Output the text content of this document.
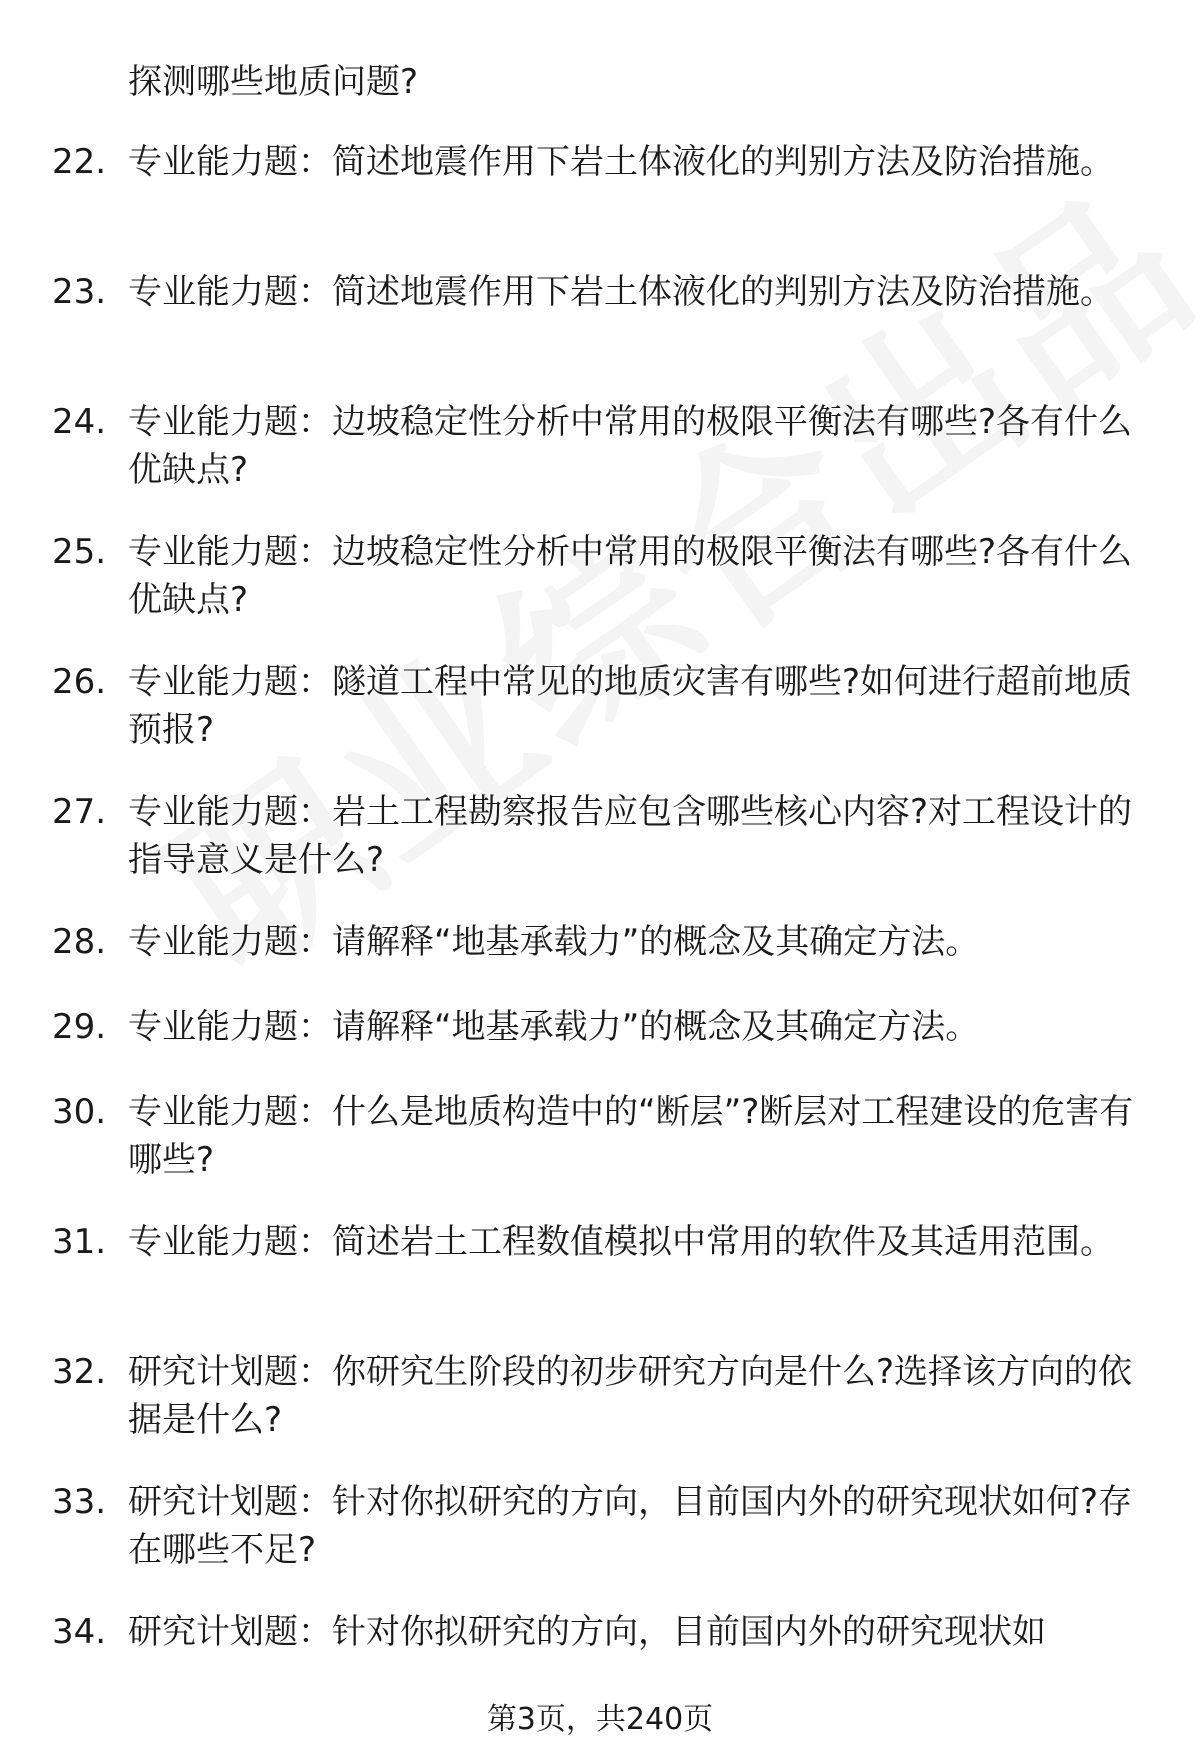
探测哪些地质问题?
22. 专业能力题：简述地震作用下岩土体液化的判别方法及防治措施。
23. 专业能力题：简述地震作用下岩土体液化的判别方法及防治措施。
24. 专业能力题：边坡稳定性分析中常用的极限平衡法有哪些?各有什么优缺点?
25. 专业能力题：边坡稳定性分析中常用的极限平衡法有哪些?各有什么优缺点?
26. 专业能力题：隧道工程中常见的地质灾害有哪些?如何进行超前地质预报?
27. 专业能力题：岩土工程勘察报告应包含哪些核心内容?对工程设计的指导意义是什么?
28. 专业能力题：请解释“地基承载力”的概念及其确定方法。
29. 专业能力题：请解释“地基承载力”的概念及其确定方法。
30. 专业能力题：什么是地质构造中的“断层”?断层对工程建设的危害有哪些?
31. 专业能力题：简述岩土工程数值模拟中常用的软件及其适用范围。
32. 研究计划题：你研究生阶段的初步研究方向是什么?选择该方向的依据是什么?
33. 研究计划题：针对你拟研究的方向，目前国内外的研究现状如何?存在哪些不足?
34. 研究计划题：针对你拟研究的方向，目前国内外的研究现状如
第3页，共240页
